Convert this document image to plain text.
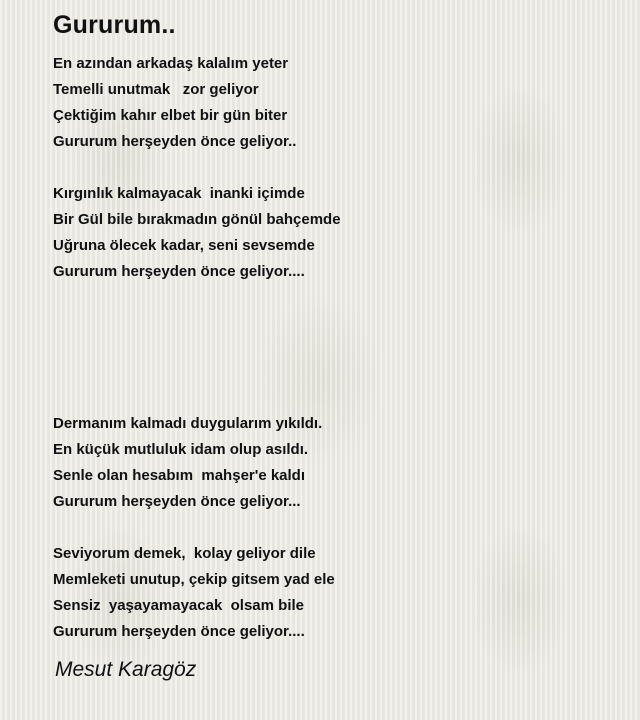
Gururum..
En azından arkadaş kalalım yeter
Temelli unutmak   zor geliyor
Çektiğim kahır elbet bir gün biter
Gururum herşeyden önce geliyor..
Kırgınlık kalmayacak  inanki içimde
Bir Gül bile bırakmadın gönül bahçemde
Uğruna ölecek kadar, seni sevsemde
Gururum herşeyden önce geliyor....
Dermanım kalmadı duygularım yıkıldı.
En küçük mutluluk idam olup asıldı.
Senle olan hesabım  mahşer'e kaldı
Gururum herşeyden önce geliyor...
Seviyorum demek,  kolay geliyor dile
Memleketi unutup, çekip gitsem yad ele
Sensiz  yaşayamayacak  olsam bile
Gururum herşeyden önce geliyor....

Mesut Karagöz
